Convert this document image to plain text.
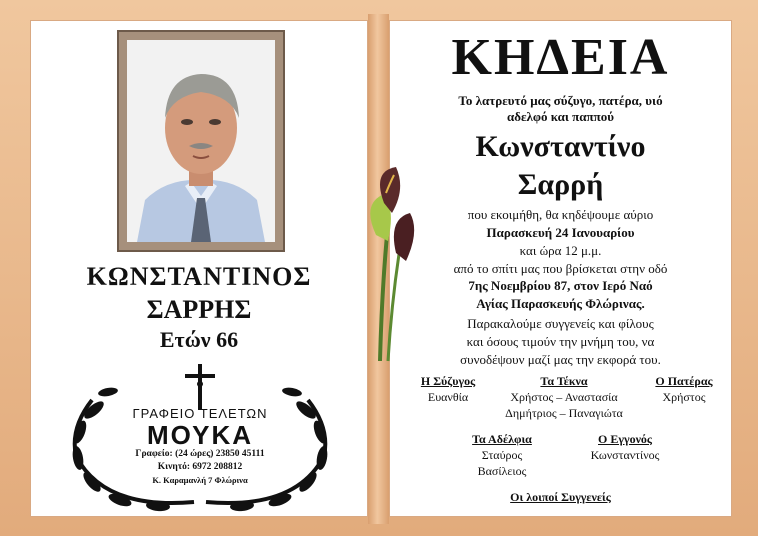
ΚΩΝΣΤΑΝΤΙΝΟΣ
ΣΑΡΡΗΣ
Ετών 66
ΓΡΑΦΕΙΟ ΤΕΛΕΤΩΝ
ΜΟΥΚΑ
Γραφείο: (24 ώρες) 23850 45111
Κινητό: 6972 208812
Κ. Καραμανλή 7 Φλώρινα
ΚΗΔΕΙΑ
Το λατρευτό μας σύζυγο, πατέρα, υιό
αδελφό και παππού
Κωνσταντίνο
Σαρρή
που εκοιμήθη, θα κηδέψουμε αύριο
Παρασκευή 24 Ιανουαρίου
και ώρα 12 μ.μ.
από το σπίτι μας που βρίσκεται στην οδό
7ης Νοεμβρίου 87, στον Ιερό Ναό
Αγίας Παρασκευής Φλώρινας.
Παρακαλούμε συγγενείς και φίλους
και όσους τιμούν την μνήμη του, να
συνοδέψουν μαζί μας την εκφορά του.
Η Σύζυγος
Ευανθία
Τα Τέκνα
Χρήστος – Αναστασία
Δημήτριος – Παναγιώτα
Ο Πατέρας
Χρήστος
Τα Αδέλφια
Σταύρος
Βασίλειος
Ο Εγγονός
Κωνσταντίνος
Οι λοιποί Συγγενείς
